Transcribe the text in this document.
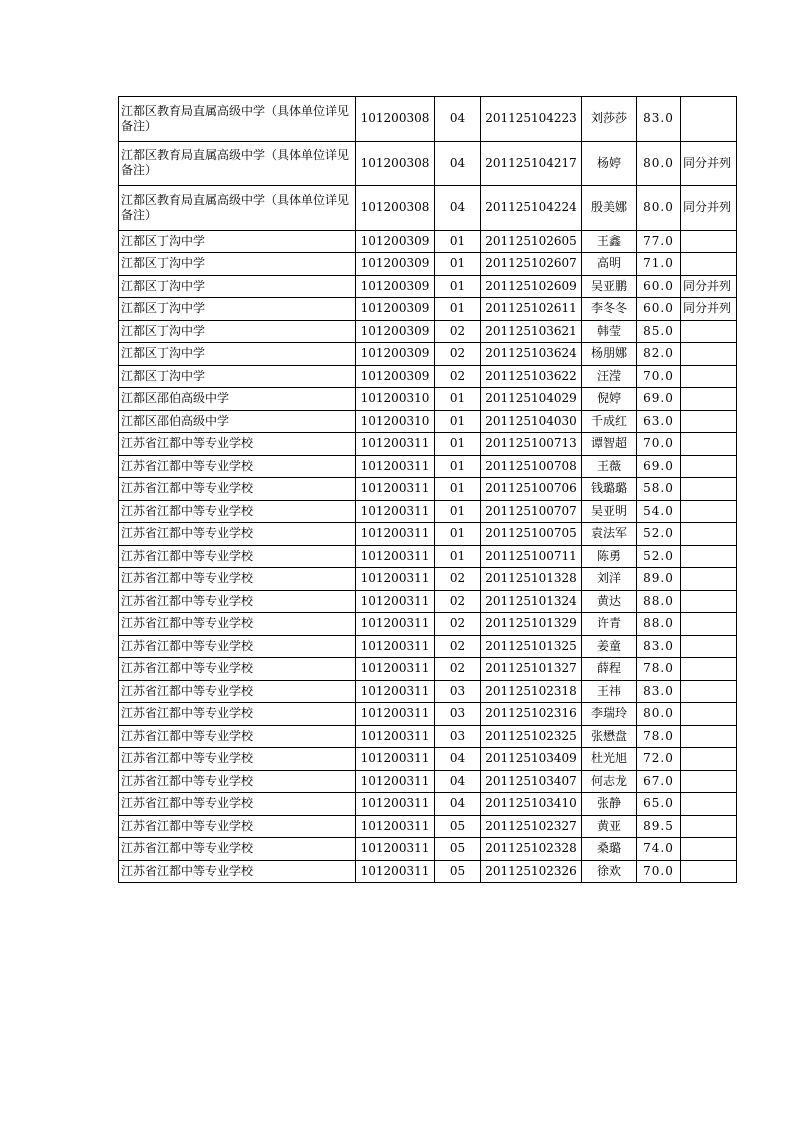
江都区教育局直属高级中学（具体单位详见备注）	101200308	04	201125104223	刘莎莎	83.0	
江都区教育局直属高级中学（具体单位详见备注）	101200308	04	201125104217	杨婷	80.0	同分并列
江都区教育局直属高级中学（具体单位详见备注）	101200308	04	201125104224	殷美娜	80.0	同分并列
江都区丁沟中学	101200309	01	201125102605	王鑫	77.0	
江都区丁沟中学	101200309	01	201125102607	高明	71.0	
江都区丁沟中学	101200309	01	201125102609	吴亚鹏	60.0	同分并列
江都区丁沟中学	101200309	01	201125102611	李冬冬	60.0	同分并列
江都区丁沟中学	101200309	02	201125103621	韩莹	85.0	
江都区丁沟中学	101200309	02	201125103624	杨朋娜	82.0	
江都区丁沟中学	101200309	02	201125103622	汪滢	70.0	
江都区邵伯高级中学	101200310	01	201125104029	倪婷	69.0	
江都区邵伯高级中学	101200310	01	201125104030	千成红	63.0	
江苏省江都中等专业学校	101200311	01	201125100713	谭智超	70.0	
江苏省江都中等专业学校	101200311	01	201125100708	王薇	69.0	
江苏省江都中等专业学校	101200311	01	201125100706	钱璐璐	58.0	
江苏省江都中等专业学校	101200311	01	201125100707	吴亚明	54.0	
江苏省江都中等专业学校	101200311	01	201125100705	袁法军	52.0	
江苏省江都中等专业学校	101200311	01	201125100711	陈勇	52.0	
江苏省江都中等专业学校	101200311	02	201125101328	刘洋	89.0	
江苏省江都中等专业学校	101200311	02	201125101324	黄达	88.0	
江苏省江都中等专业学校	101200311	02	201125101329	许青	88.0	
江苏省江都中等专业学校	101200311	02	201125101325	姜童	83.0	
江苏省江都中等专业学校	101200311	02	201125101327	薛程	78.0	
江苏省江都中等专业学校	101200311	03	201125102318	王祎	83.0	
江苏省江都中等专业学校	101200311	03	201125102316	李瑞玲	80.0	
江苏省江都中等专业学校	101200311	03	201125102325	张懋盘	78.0	
江苏省江都中等专业学校	101200311	04	201125103409	杜光旭	72.0	
江苏省江都中等专业学校	101200311	04	201125103407	何志龙	67.0	
江苏省江都中等专业学校	101200311	04	201125103410	张静	65.0	
江苏省江都中等专业学校	101200311	05	201125102327	黄亚	89.5	
江苏省江都中等专业学校	101200311	05	201125102328	桑璐	74.0	
江苏省江都中等专业学校	101200311	05	201125102326	徐欢	70.0	
